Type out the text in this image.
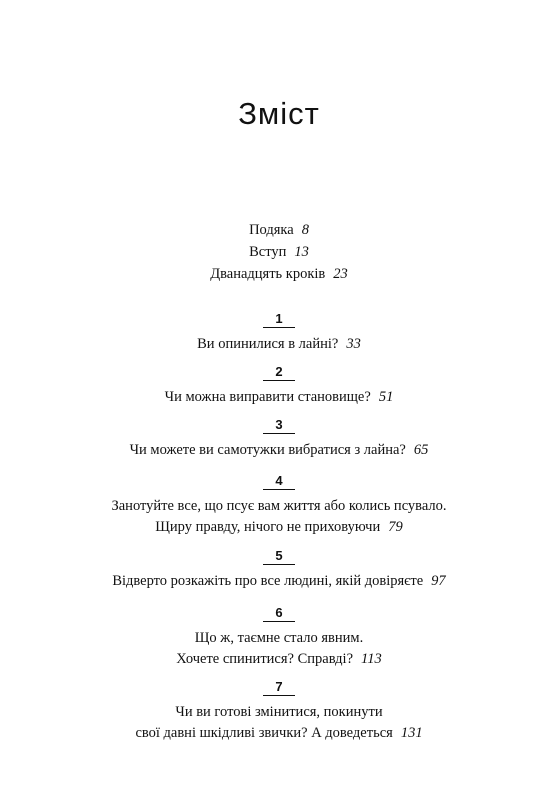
Зміст
Подяка 8
Вступ 13
Дванадцять кроків 23
1
Ви опинилися в лайні? 33
2
Чи можна виправити становище? 51
3
Чи можете ви самотужки вибратися з лайна? 65
4
Занотуйте все, що псує вам життя або колись псувало.
Щиру правду, нічого не приховуючи 79
5
Відверто розкажіть про все людині, якій довіряєте 97
6
Що ж, таємне стало явним.
Хочете спинитися? Справді? 113
7
Чи ви готові змінитися, покинути
свої давні шкідливі звички? А доведеться 131
